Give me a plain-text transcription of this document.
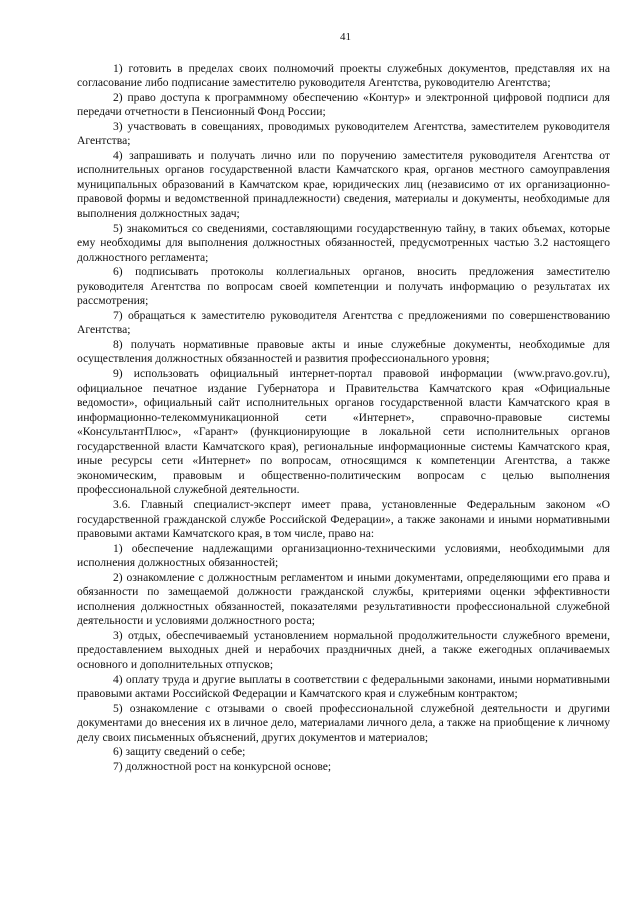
41

1) готовить в пределах своих полномочий проекты служебных документов, представляя их на согласование либо подписание заместителю руководителя Агентства, руководителю Агентства;

2) право доступа к программному обеспечению «Контур» и электронной цифровой подписи для передачи отчетности в Пенсионный Фонд России;

3) участвовать в совещаниях, проводимых руководителем Агентства, заместителем руководителя Агентства;

4) запрашивать и получать лично или по поручению заместителя руководителя Агентства от исполнительных органов государственной власти Камчатского края, органов местного самоуправления муниципальных образований в Камчатском крае, юридических лиц (независимо от их организационно-правовой формы и ведомственной принадлежности) сведения, материалы и документы, необходимые для выполнения должностных задач;

5) знакомиться со сведениями, составляющими государственную тайну, в таких объемах, которые ему необходимы для выполнения должностных обязанностей, предусмотренных частью 3.2 настоящего должностного регламента;

6) подписывать протоколы коллегиальных органов, вносить предложения заместителю руководителя Агентства по вопросам своей компетенции и получать информацию о результатах их рассмотрения;

7) обращаться к заместителю руководителя Агентства с предложениями по совершенствованию Агентства;

8) получать нормативные правовые акты и иные служебные документы, необходимые для осуществления должностных обязанностей и развития профессионального уровня;

9) использовать официальный интернет-портал правовой информации (www.pravo.gov.ru), официальное печатное издание Губернатора и Правительства Камчатского края «Официальные ведомости», официальный сайт исполнительных органов государственной власти Камчатского края в информационно-телекоммуникационной сети «Интернет», справочно-правовые системы «КонсультантПлюс», «Гарант» (функционирующие в локальной сети исполнительных органов государственной власти Камчатского края), региональные информационные системы Камчатского края, иные ресурсы сети «Интернет» по вопросам, относящимся к компетенции Агентства, а также экономическим, правовым и общественно-политическим вопросам с целью выполнения профессиональной служебной деятельности.

3.6. Главный специалист-эксперт имеет права, установленные Федеральным законом «О государственной гражданской службе Российской Федерации», а также законами и иными нормативными правовыми актами Камчатского края, в том числе, право на:

1) обеспечение надлежащими организационно-техническими условиями, необходимыми для исполнения должностных обязанностей;

2) ознакомление с должностным регламентом и иными документами, определяющими его права и обязанности по замещаемой должности гражданской службы, критериями оценки эффективности исполнения должностных обязанностей, показателями результативности профессиональной служебной деятельности и условиями должностного роста;

3) отдых, обеспечиваемый установлением нормальной продолжительности служебного времени, предоставлением выходных дней и нерабочих праздничных дней, а также ежегодных оплачиваемых основного и дополнительных отпусков;

4) оплату труда и другие выплаты в соответствии с федеральными законами, иными нормативными правовыми актами Российской Федерации и Камчатского края и служебным контрактом;

5) ознакомление с отзывами о своей профессиональной служебной деятельности и другими документами до внесения их в личное дело, материалами личного дела, а также на приобщение к личному делу своих письменных объяснений, других документов и материалов;

6) защиту сведений о себе;

7) должностной рост на конкурсной основе;
